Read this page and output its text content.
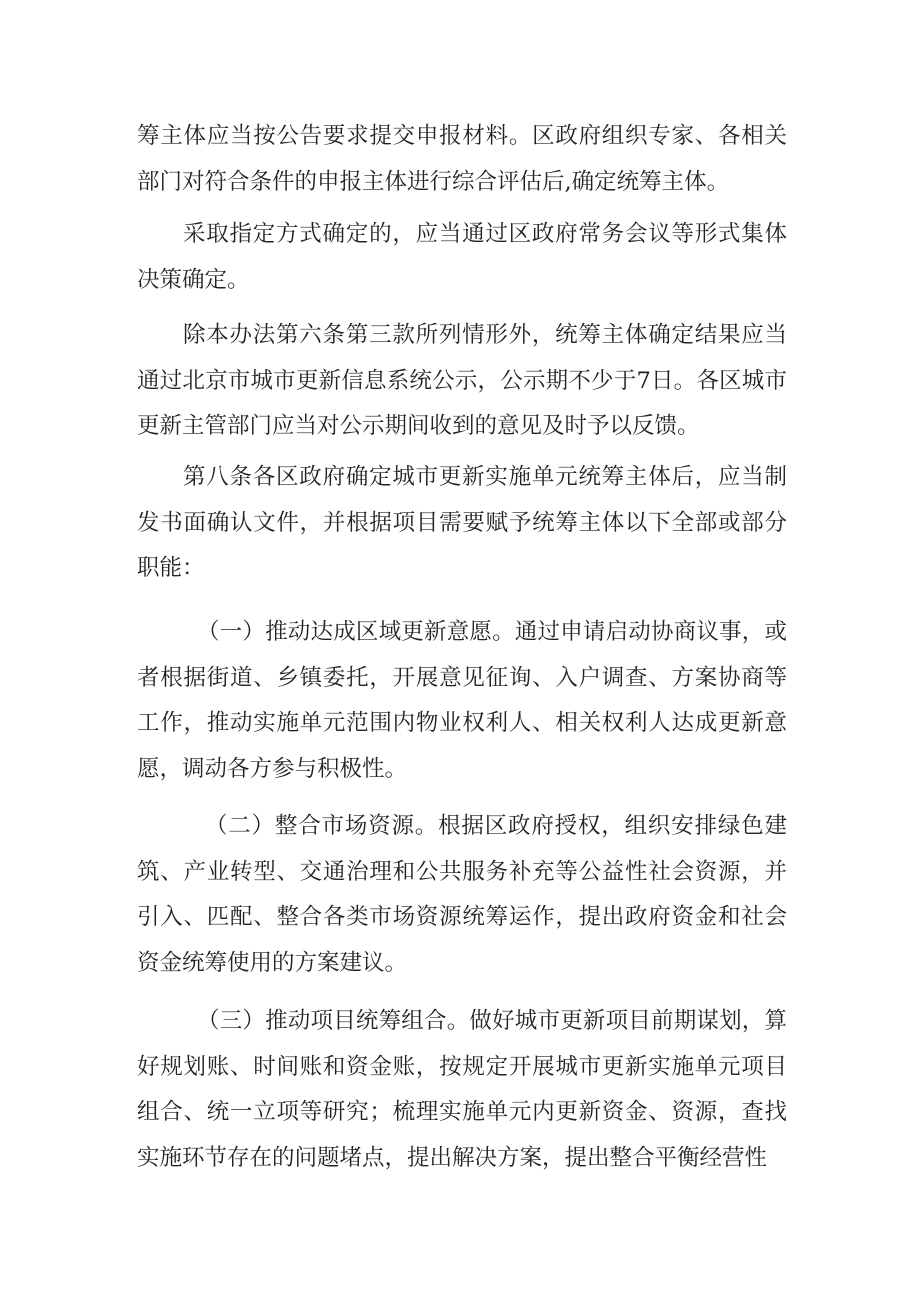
筹主体应当按公告要求提交申报材料。区政府组织专家、各相关部门对符合条件的申报主体进行综合评估后,确定统筹主体。

采取指定方式确定的，应当通过区政府常务会议等形式集体决策确定。

除本办法第六条第三款所列情形外，统筹主体确定结果应当通过北京市城市更新信息系统公示，公示期不少于7日。各区城市更新主管部门应当对公示期间收到的意见及时予以反馈。

第八条各区政府确定城市更新实施单元统筹主体后，应当制发书面确认文件，并根据项目需要赋予统筹主体以下全部或部分职能：

（一）推动达成区域更新意愿。通过申请启动协商议事，或者根据街道、乡镇委托，开展意见征询、入户调查、方案协商等工作，推动实施单元范围内物业权利人、相关权利人达成更新意愿，调动各方参与积极性。

（二）整合市场资源。根据区政府授权，组织安排绿色建筑、产业转型、交通治理和公共服务补充等公益性社会资源，并引入、匹配、整合各类市场资源统筹运作，提出政府资金和社会资金统筹使用的方案建议。

（三）推动项目统筹组合。做好城市更新项目前期谋划，算好规划账、时间账和资金账，按规定开展城市更新实施单元项目组合、统一立项等研究；梳理实施单元内更新资金、资源，查找实施环节存在的问题堵点，提出解决方案，提出整合平衡经营性
